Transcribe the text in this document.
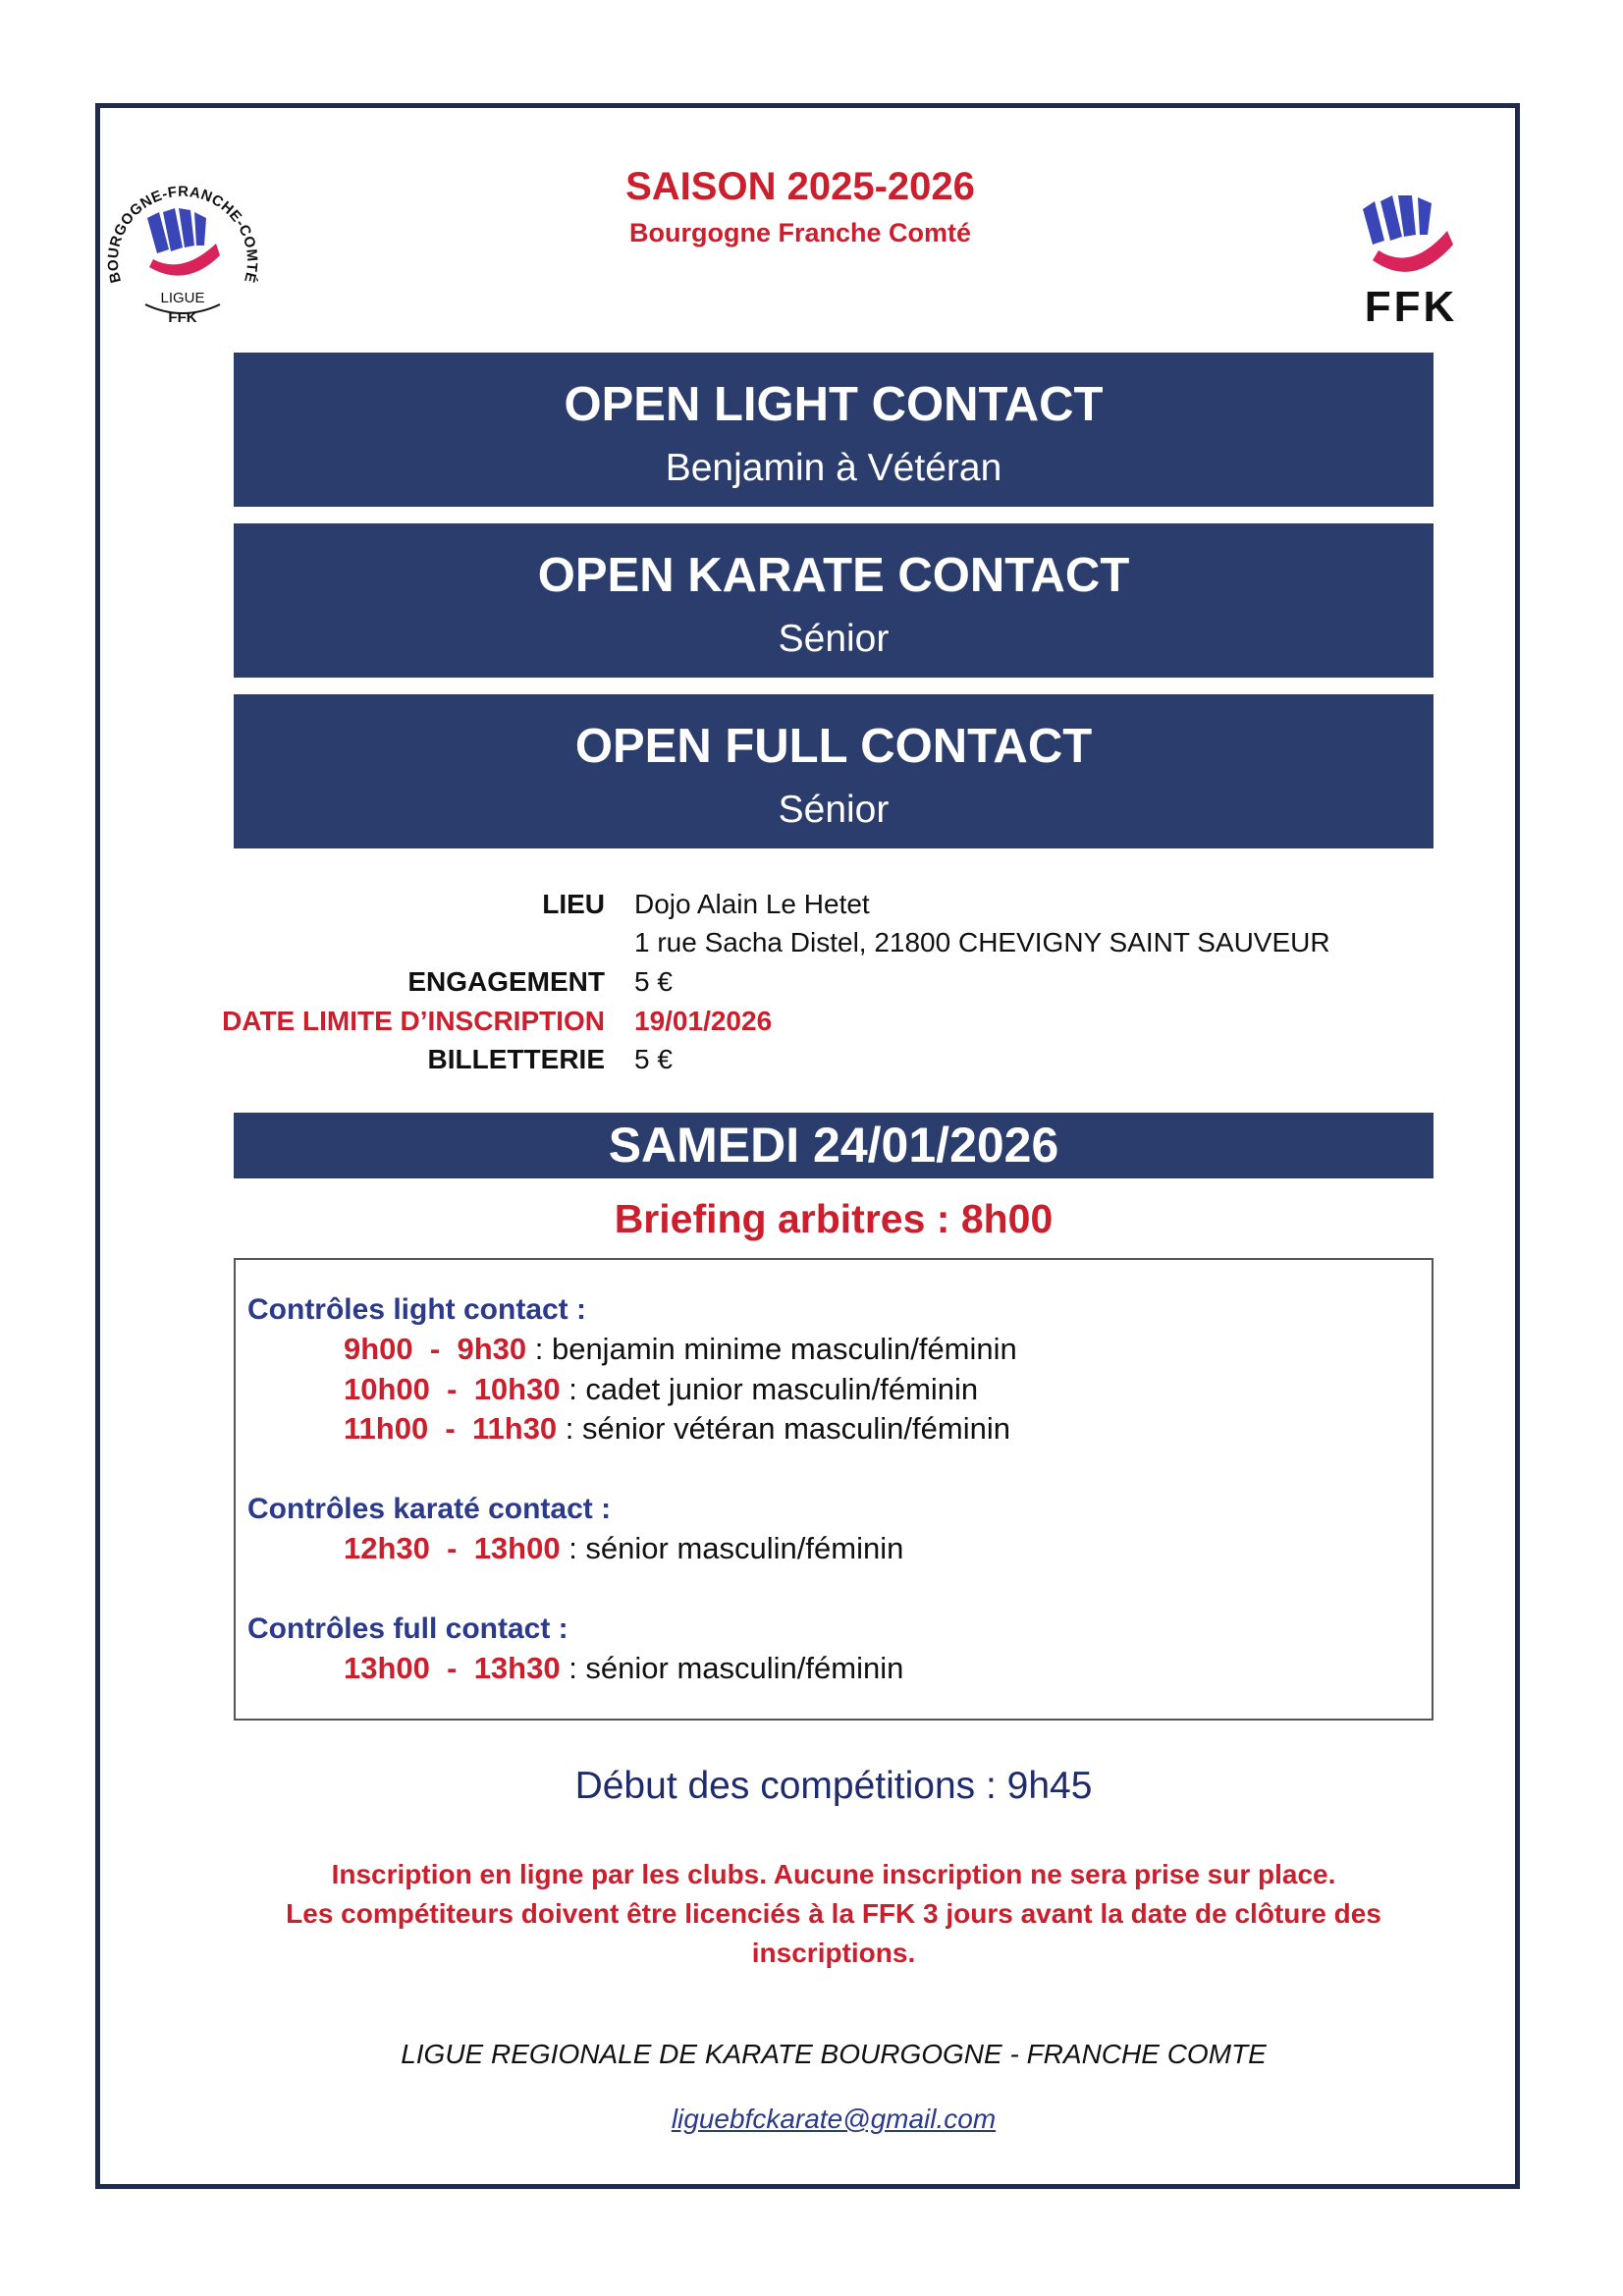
BOURGOGNE-FRANCHE-COMTÉ
LIGUE
FFK	FFK
SAISON 2025-2026
Bourgogne Franche Comté
OPEN LIGHT CONTACT
Benjamin à Vétéran
OPEN KARATE CONTACT
Sénior
OPEN FULL CONTACT
Sénior
LIEU Dojo Alain Le Hetet
1 rue Sacha Distel, 21800 CHEVIGNY SAINT SAUVEUR
ENGAGEMENT 5 €
DATE LIMITE D’INSCRIPTION 19/01/2026
BILLETTERIE 5 €
SAMEDI 24/01/2026
Briefing arbitres : 8h00
Contrôles light contact :
9h00  -  9h30 : benjamin minime masculin/féminin
10h00  -  10h30 : cadet junior masculin/féminin
11h00  -  11h30 : sénior vétéran masculin/féminin
Contrôles karaté contact :
12h30  -  13h00 : sénior masculin/féminin
Contrôles full contact :
13h00  -  13h30 : sénior masculin/féminin
Début des compétitions : 9h45
Inscription en ligne par les clubs. Aucune inscription ne sera prise sur place.
Les compétiteurs doivent être licenciés à la FFK 3 jours avant la date de clôture des
inscriptions.
LIGUE REGIONALE DE KARATE BOURGOGNE - FRANCHE COMTE
liguebfckarate@gmail.com
